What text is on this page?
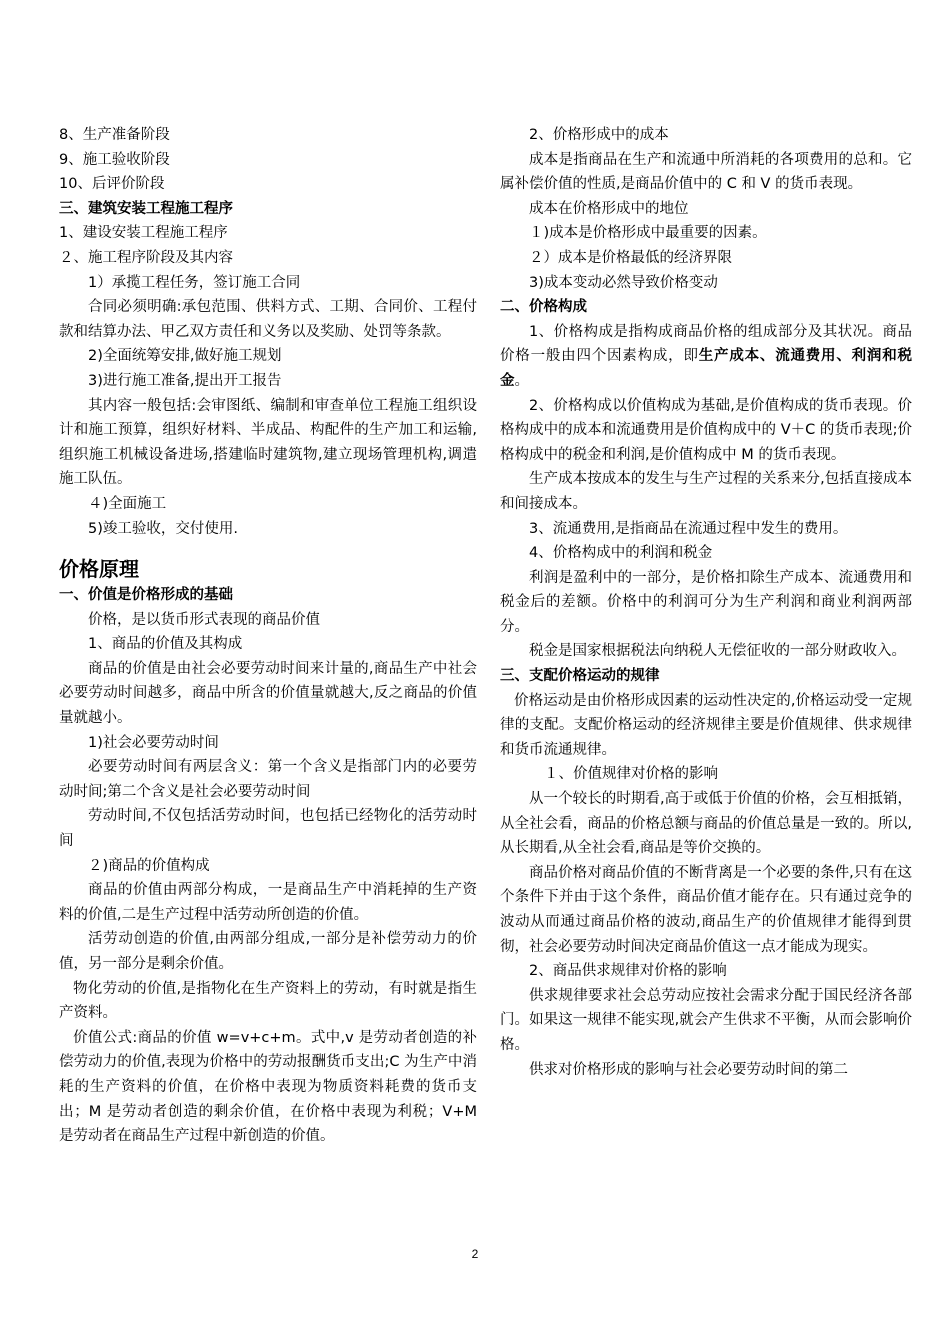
8、生产准备阶段

9、施工验收阶段

10、后评价阶段

三、建筑安装工程施工程序

1、建设安装工程施工程序

２、施工程序阶段及其内容

1）承揽工程任务，签订施工合同

合同必须明确:承包范围、供料方式、工期、合同价、工程付款和结算办法、甲乙双方责任和义务以及奖励、处罚等条款。

2)全面统筹安排,做好施工规划

3)进行施工准备,提出开工报告

其内容一般包括:会审图纸、编制和审查单位工程施工组织设计和施工预算，组织好材料、半成品、构配件的生产加工和运输,组织施工机械设备进场,搭建临时建筑物,建立现场管理机构,调遣施工队伍。

４)全面施工

5)竣工验收，交付使用.

价格原理

一、价值是价格形成的基础

价格，是以货币形式表现的商品价值

1、商品的价值及其构成

商品的价值是由社会必要劳动时间来计量的,商品生产中社会必要劳动时间越多，商品中所含的价值量就越大,反之商品的价值量就越小。

1)社会必要劳动时间

必要劳动时间有两层含义：第一个含义是指部门内的必要劳动时间;第二个含义是社会必要劳动时间

劳动时间,不仅包括活劳动时间，也包括已经物化的活劳动时间

２)商品的价值构成

商品的价值由两部分构成，一是商品生产中消耗掉的生产资料的价值,二是生产过程中活劳动所创造的价值。

活劳动创造的价值,由两部分组成,一部分是补偿劳动力的价值，另一部分是剩余价值。

物化劳动的价值,是指物化在生产资料上的劳动，有时就是指生产资料。

价值公式:商品的价值 w=v+c+m。式中,v 是劳动者创造的补偿劳动力的价值,表现为价格中的劳动报酬货币支出;C 为生产中消耗的生产资料的价值，在价格中表现为物质资料耗费的货币支出；M 是劳动者创造的剩余价值，在价格中表现为利税；V+M 是劳动者在商品生产过程中新创造的价值。

2、价格形成中的成本

成本是指商品在生产和流通中所消耗的各项费用的总和。它属补偿价值的性质,是商品价值中的 C 和 V 的货币表现。

成本在价格形成中的地位

１)成本是价格形成中最重要的因素。

２）成本是价格最低的经济界限

3)成本变动必然导致价格变动

二、价格构成

1、价格构成是指构成商品价格的组成部分及其状况。商品价格一般由四个因素构成，即生产成本、流通费用、利润和税金。

2、价格构成以价值构成为基础,是价值构成的货币表现。价格构成中的成本和流通费用是价值构成中的 V＋C 的货币表现;价格构成中的税金和利润,是价值构成中 M 的货币表现。

生产成本按成本的发生与生产过程的关系来分,包括直接成本和间接成本。

3、流通费用,是指商品在流通过程中发生的费用。

4、价格构成中的利润和税金

利润是盈利中的一部分，是价格扣除生产成本、流通费用和税金后的差额。价格中的利润可分为生产利润和商业利润两部分。

税金是国家根据税法向纳税人无偿征收的一部分财政收入。

三、支配价格运动的规律

价格运动是由价格形成因素的运动性决定的,价格运动受一定规律的支配。支配价格运动的经济规律主要是价值规律、供求规律和货币流通规律。

１、价值规律对价格的影响

从一个较长的时期看,高于或低于价值的价格，会互相抵销，从全社会看，商品的价格总额与商品的价值总量是一致的。所以,从长期看,从全社会看,商品是等价交换的。

商品价格对商品价值的不断背离是一个必要的条件,只有在这个条件下并由于这个条件，商品价值才能存在。只有通过竞争的波动从而通过商品价格的波动,商品生产的价值规律才能得到贯彻，社会必要劳动时间决定商品价值这一点才能成为现实。

2、商品供求规律对价格的影响

供求规律要求社会总劳动应按社会需求分配于国民经济各部门。如果这一规律不能实现,就会产生供求不平衡，从而会影响价格。

供求对价格形成的影响与社会必要劳动时间的第二

2
